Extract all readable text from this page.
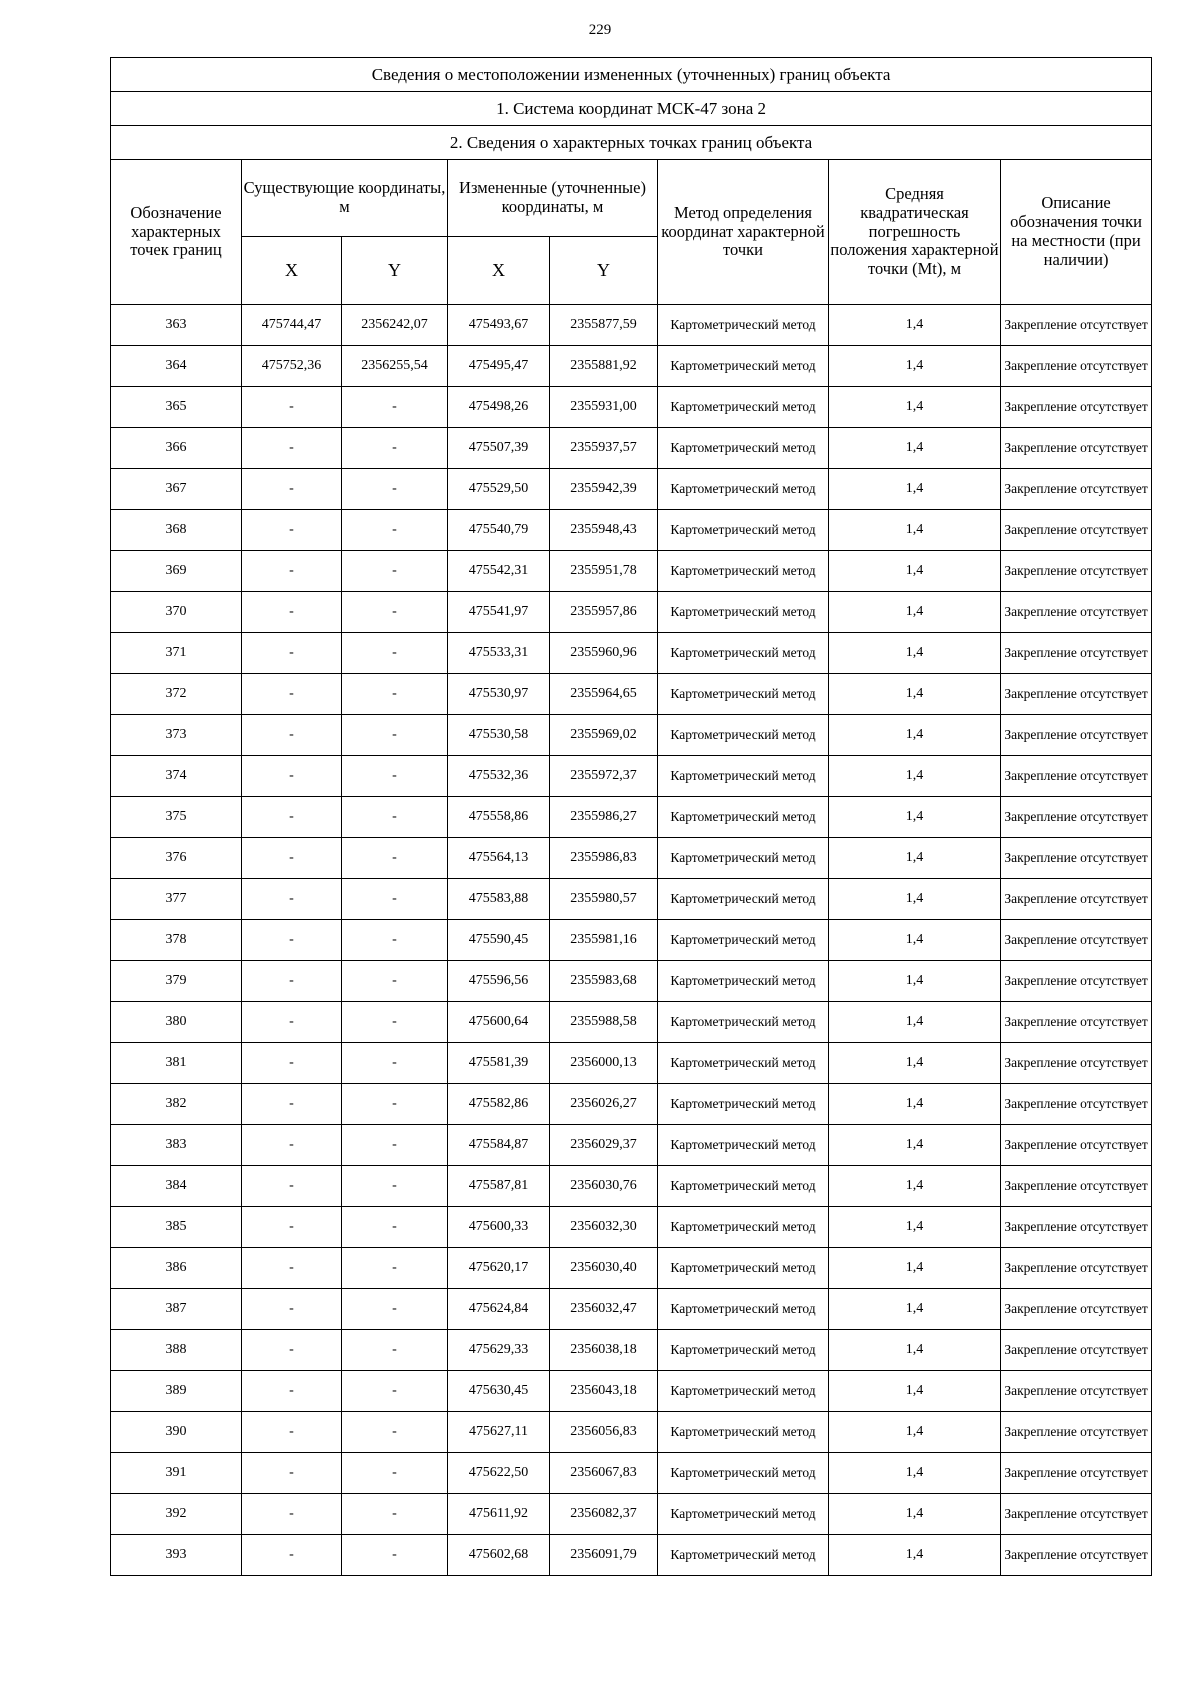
229
Сведения о местоположении измененных (уточненных) границ объекта							
1. Система координат МСК-47 зона 2							
2. Сведения о характерных точках границ объекта							
Обозначение характерных точек границ	Существующие координаты, м		Измененные (уточненные) координаты, м		Метод определения координат характерной точки	Средняя квадратическая погрешность положения характерной точки (Mt), м	Описание обозначения точки на местности (при наличии)
	X	Y	X	Y			
363	475744,47	2356242,07	475493,67	2355877,59	Картометрический метод	1,4	Закрепление отсутствует
364	475752,36	2356255,54	475495,47	2355881,92	Картометрический метод	1,4	Закрепление отсутствует
365	-	-	475498,26	2355931,00	Картометрический метод	1,4	Закрепление отсутствует
366	-	-	475507,39	2355937,57	Картометрический метод	1,4	Закрепление отсутствует
367	-	-	475529,50	2355942,39	Картометрический метод	1,4	Закрепление отсутствует
368	-	-	475540,79	2355948,43	Картометрический метод	1,4	Закрепление отсутствует
369	-	-	475542,31	2355951,78	Картометрический метод	1,4	Закрепление отсутствует
370	-	-	475541,97	2355957,86	Картометрический метод	1,4	Закрепление отсутствует
371	-	-	475533,31	2355960,96	Картометрический метод	1,4	Закрепление отсутствует
372	-	-	475530,97	2355964,65	Картометрический метод	1,4	Закрепление отсутствует
373	-	-	475530,58	2355969,02	Картометрический метод	1,4	Закрепление отсутствует
374	-	-	475532,36	2355972,37	Картометрический метод	1,4	Закрепление отсутствует
375	-	-	475558,86	2355986,27	Картометрический метод	1,4	Закрепление отсутствует
376	-	-	475564,13	2355986,83	Картометрический метод	1,4	Закрепление отсутствует
377	-	-	475583,88	2355980,57	Картометрический метод	1,4	Закрепление отсутствует
378	-	-	475590,45	2355981,16	Картометрический метод	1,4	Закрепление отсутствует
379	-	-	475596,56	2355983,68	Картометрический метод	1,4	Закрепление отсутствует
380	-	-	475600,64	2355988,58	Картометрический метод	1,4	Закрепление отсутствует
381	-	-	475581,39	2356000,13	Картометрический метод	1,4	Закрепление отсутствует
382	-	-	475582,86	2356026,27	Картометрический метод	1,4	Закрепление отсутствует
383	-	-	475584,87	2356029,37	Картометрический метод	1,4	Закрепление отсутствует
384	-	-	475587,81	2356030,76	Картометрический метод	1,4	Закрепление отсутствует
385	-	-	475600,33	2356032,30	Картометрический метод	1,4	Закрепление отсутствует
386	-	-	475620,17	2356030,40	Картометрический метод	1,4	Закрепление отсутствует
387	-	-	475624,84	2356032,47	Картометрический метод	1,4	Закрепление отсутствует
388	-	-	475629,33	2356038,18	Картометрический метод	1,4	Закрепление отсутствует
389	-	-	475630,45	2356043,18	Картометрический метод	1,4	Закрепление отсутствует
390	-	-	475627,11	2356056,83	Картометрический метод	1,4	Закрепление отсутствует
391	-	-	475622,50	2356067,83	Картометрический метод	1,4	Закрепление отсутствует
392	-	-	475611,92	2356082,37	Картометрический метод	1,4	Закрепление отсутствует
393	-	-	475602,68	2356091,79	Картометрический метод	1,4	Закрепление отсутствует
